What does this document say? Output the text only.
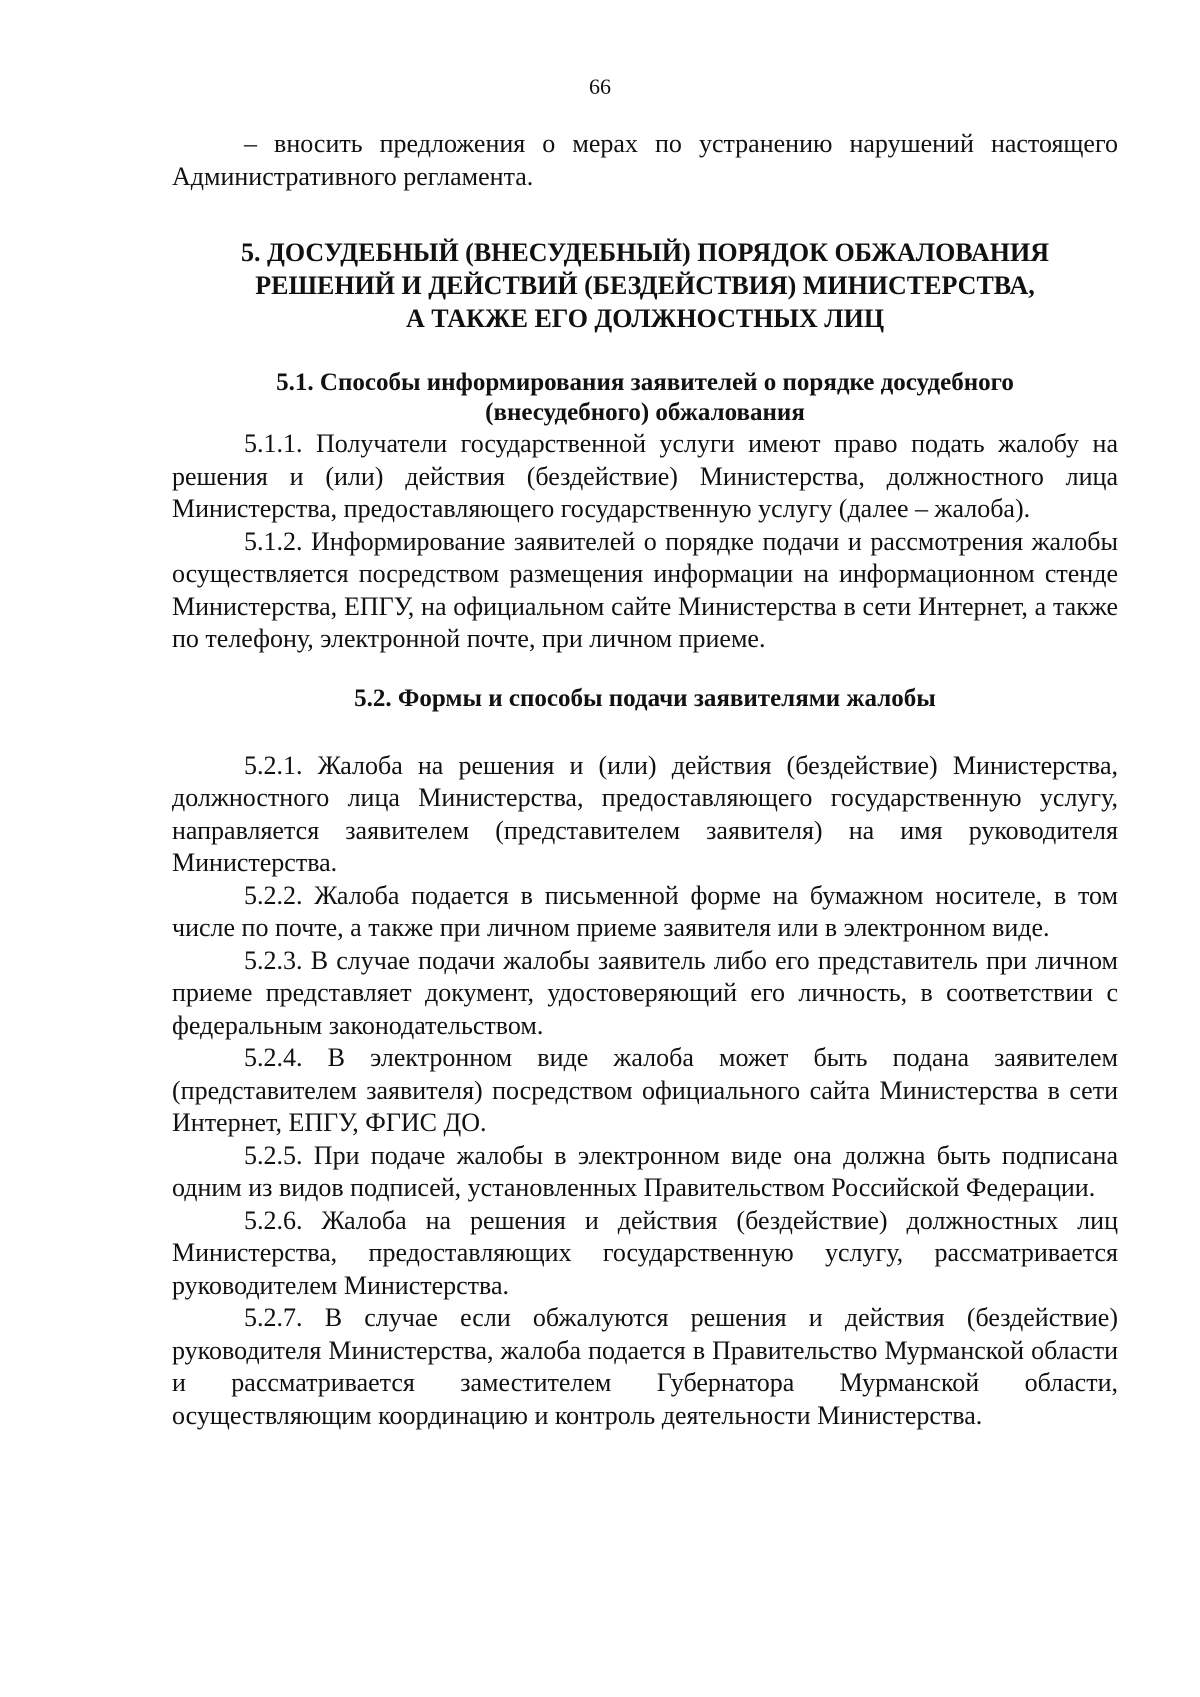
66

– вносить предложения о мерах по устранению нарушений настоящего Административного регламента.

5. ДОСУДЕБНЫЙ (ВНЕСУДЕБНЫЙ) ПОРЯДОК ОБЖАЛОВАНИЯ
РЕШЕНИЙ И ДЕЙСТВИЙ (БЕЗДЕЙСТВИЯ) МИНИСТЕРСТВА,
А ТАКЖЕ ЕГО ДОЛЖНОСТНЫХ ЛИЦ
5.1. Способы информирования заявителей о порядке досудебного
(внесудебного) обжалования

5.1.1. Получатели государственной услуги имеют право подать жалобу на решения и (или) действия (бездействие) Министерства, должностного лица Министерства, предоставляющего государственную услугу (далее – жалоба).

5.1.2. Информирование заявителей о порядке подачи и рассмотрения жалобы осуществляется посредством размещения информации на информационном стенде Министерства, ЕПГУ, на официальном сайте Министерства в сети Интернет, а также по телефону, электронной почте, при личном приеме.

5.2. Формы и способы подачи заявителями жалобы

5.2.1. Жалоба на решения и (или) действия (бездействие) Министерства, должностного лица Министерства, предоставляющего государственную услугу, направляется заявителем (представителем заявителя) на имя руководителя Министерства.

5.2.2. Жалоба подается в письменной форме на бумажном носителе, в том числе по почте, а также при личном приеме заявителя или в электронном виде.

5.2.3. В случае подачи жалобы заявитель либо его представитель при личном приеме представляет документ, удостоверяющий его личность, в соответствии с федеральным законодательством.

5.2.4. В электронном виде жалоба может быть подана заявителем (представителем заявителя) посредством официального сайта Министерства в сети Интернет, ЕПГУ, ФГИС ДО.

5.2.5. При подаче жалобы в электронном виде она должна быть подписана одним из видов подписей, установленных Правительством Российской Федерации.

5.2.6. Жалоба на решения и действия (бездействие) должностных лиц Министерства, предоставляющих государственную услугу, рассматривается руководителем Министерства.

5.2.7. В случае если обжалуются решения и действия (бездействие) руководителя Министерства, жалоба подается в Правительство Мурманской области и рассматривается заместителем Губернатора Мурманской области, осуществляющим координацию и контроль деятельности Министерства.
